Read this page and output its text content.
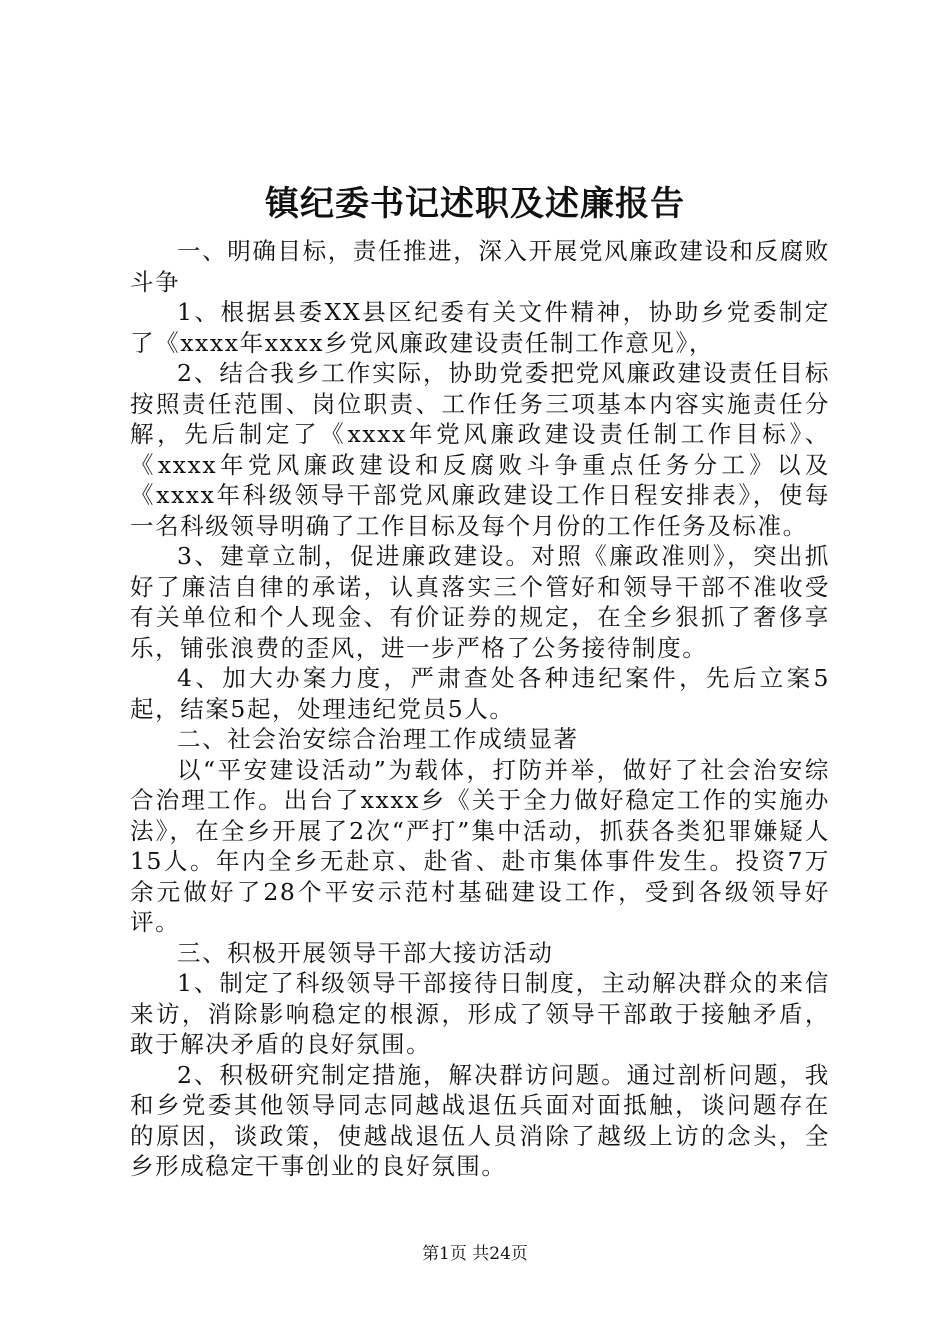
镇纪委书记述职及述廉报告

一、明确目标，责任推进，深入开展党风廉政建设和反腐败斗争

1、根据县委XX县区纪委有关文件精神，协助乡党委制定了《xxxx年xxxx乡党风廉政建设责任制工作意见》，

2、结合我乡工作实际，协助党委把党风廉政建设责任目标按照责任范围、岗位职责、工作任务三项基本内容实施责任分解，先后制定了《xxxx年党风廉政建设责任制工作目标》、《xxxx年党风廉政建设和反腐败斗争重点任务分工》以及《xxxx年科级领导干部党风廉政建设工作日程安排表》，使每一名科级领导明确了工作目标及每个月份的工作任务及标准。

3、建章立制，促进廉政建设。对照《廉政准则》，突出抓好了廉洁自律的承诺，认真落实三个管好和领导干部不准收受有关单位和个人现金、有价证券的规定，在全乡狠抓了奢侈享乐，铺张浪费的歪风，进一步严格了公务接待制度。

4、加大办案力度，严肃查处各种违纪案件，先后立案5起，结案5起，处理违纪党员5人。

二、社会治安综合治理工作成绩显著

以“平安建设活动”为载体，打防并举，做好了社会治安综合治理工作。出台了xxxx乡《关于全力做好稳定工作的实施办法》，在全乡开展了2次“严打”集中活动，抓获各类犯罪嫌疑人15人。年内全乡无赴京、赴省、赴市集体事件发生。投资7万余元做好了28个平安示范村基础建设工作，受到各级领导好评。

三、积极开展领导干部大接访活动

1、制定了科级领导干部接待日制度，主动解决群众的来信来访，消除影响稳定的根源，形成了领导干部敢于接触矛盾，敢于解决矛盾的良好氛围。

2、积极研究制定措施，解决群访问题。通过剖析问题，我和乡党委其他领导同志同越战退伍兵面对面抵触，谈问题存在的原因，谈政策，使越战退伍人员消除了越级上访的念头，全乡形成稳定干事创业的良好氛围。

第1页 共24页
